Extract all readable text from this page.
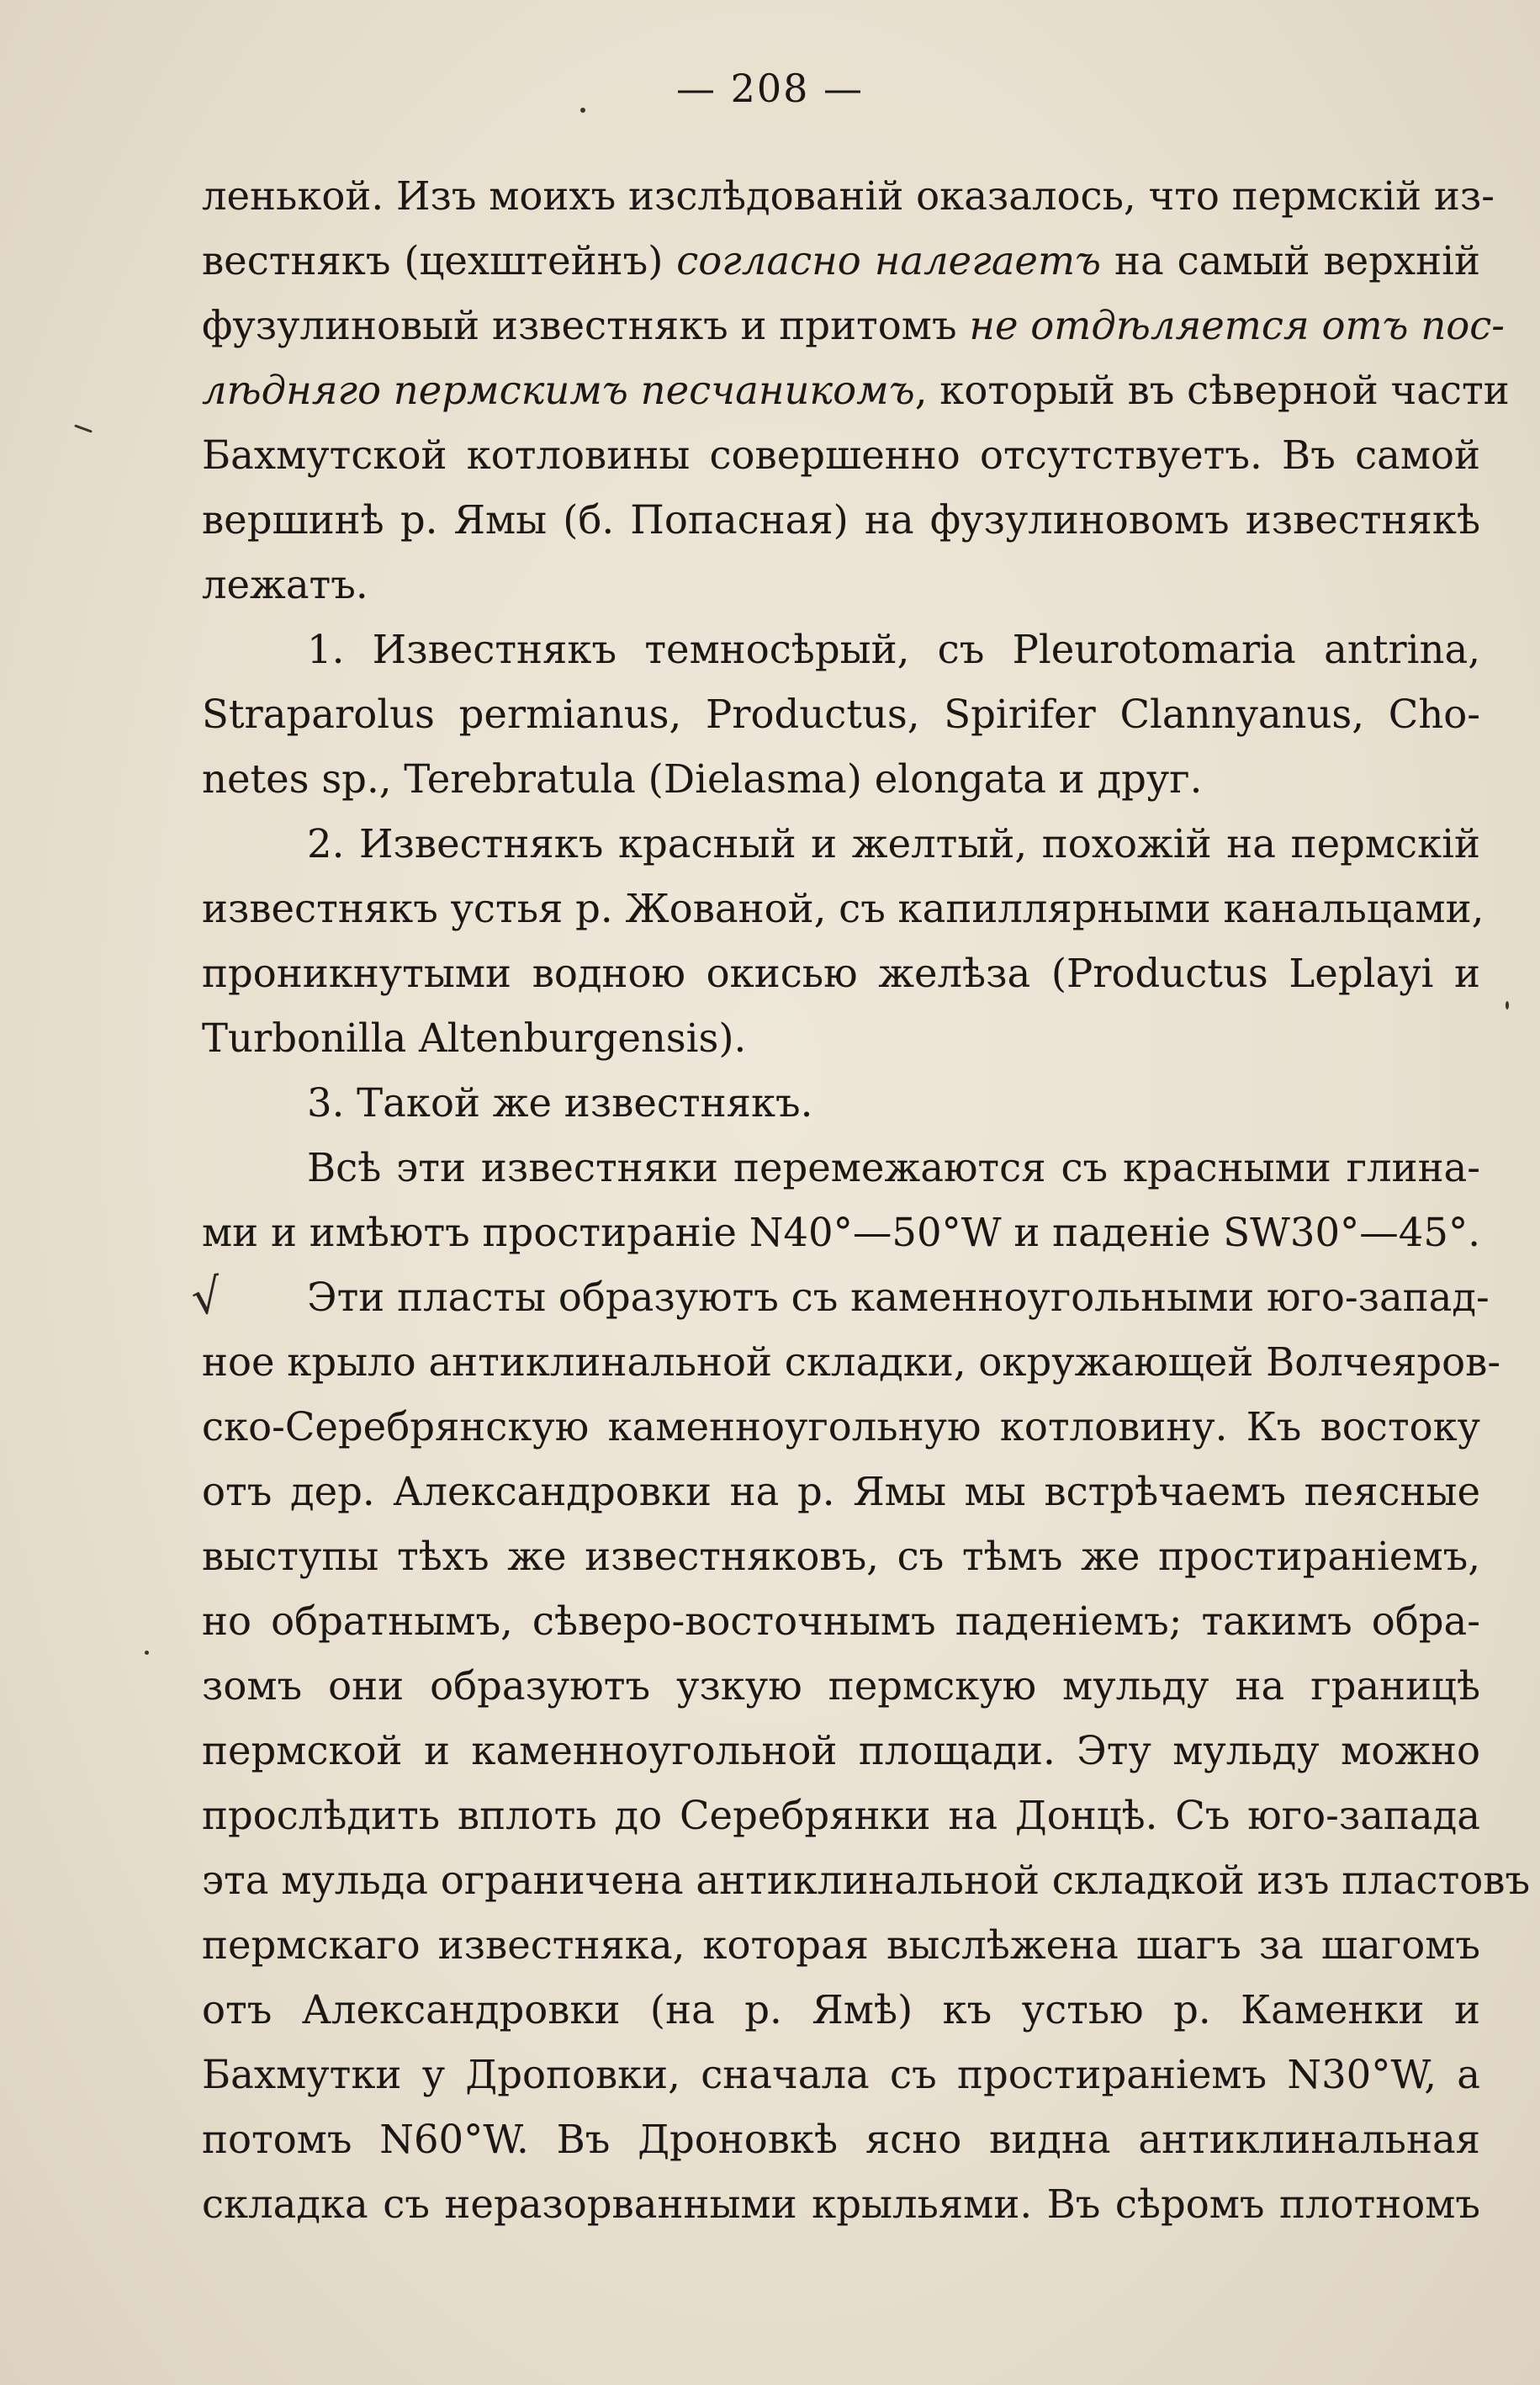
— 208 —
√
ленькой. Изъ моихъ изслѣдованій оказалось, что пермскій из-
вестнякъ (цехштейнъ) согласно налегаетъ на самый верхній
фузулиновый известнякъ и притомъ не отдѣляется отъ пос-
лѣдняго пермскимъ песчаникомъ, который въ сѣверной части
Бахмутской котловины совершенно отсутствуетъ. Въ самой
вершинѣ р. Ямы (б. Попасная) на фузулиновомъ известнякѣ
лежатъ.
1. Известнякъ темносѣрый, съ Pleurotomaria antrina,
Straparolus permianus, Productus, Spirifer Clannyanus, Cho-
netes sp., Terebratula (Dielasma) elongata и друг.
2. Известнякъ красный и желтый, похожій на пермскій
известнякъ устья р. Жованой, съ капиллярными канальцами,
проникнутыми водною окисью желѣза (Productus Leplayi и
Turbonilla Altenburgensis).
3. Такой же известнякъ.
Всѣ эти известняки перемежаются съ красными глина-
ми и имѣютъ простираніе N40°—50°W и паденіе SW30°—45°.
Эти пласты образуютъ съ каменноугольными юго-запад-
ное крыло антиклинальной складки, окружающей Волчеяров-
ско-Серебрянскую каменноугольную котловину. Къ востоку
отъ дер. Александровки на р. Ямы мы встрѣчаемъ пеясные
выступы тѣхъ же известняковъ, съ тѣмъ же простираніемъ,
но обратнымъ, сѣверо-восточнымъ паденіемъ; такимъ обра-
зомъ они образуютъ узкую пермскую мульду на границѣ
пермской и каменноугольной площади. Эту мульду можно
прослѣдить вплоть до Серебрянки на Донцѣ. Съ юго-запада
эта мульда ограничена антиклинальной складкой изъ пластовъ
пермскаго известняка, которая выслѣжена шагъ за шагомъ
отъ Александровки (на р. Ямѣ) къ устью р. Каменки и
Бахмутки у Дроповки, сначала съ простираніемъ N30°W, а
потомъ N60°W. Въ Дроновкѣ ясно видна антиклинальная
складка съ неразорванными крыльями. Въ сѣромъ плотномъ
